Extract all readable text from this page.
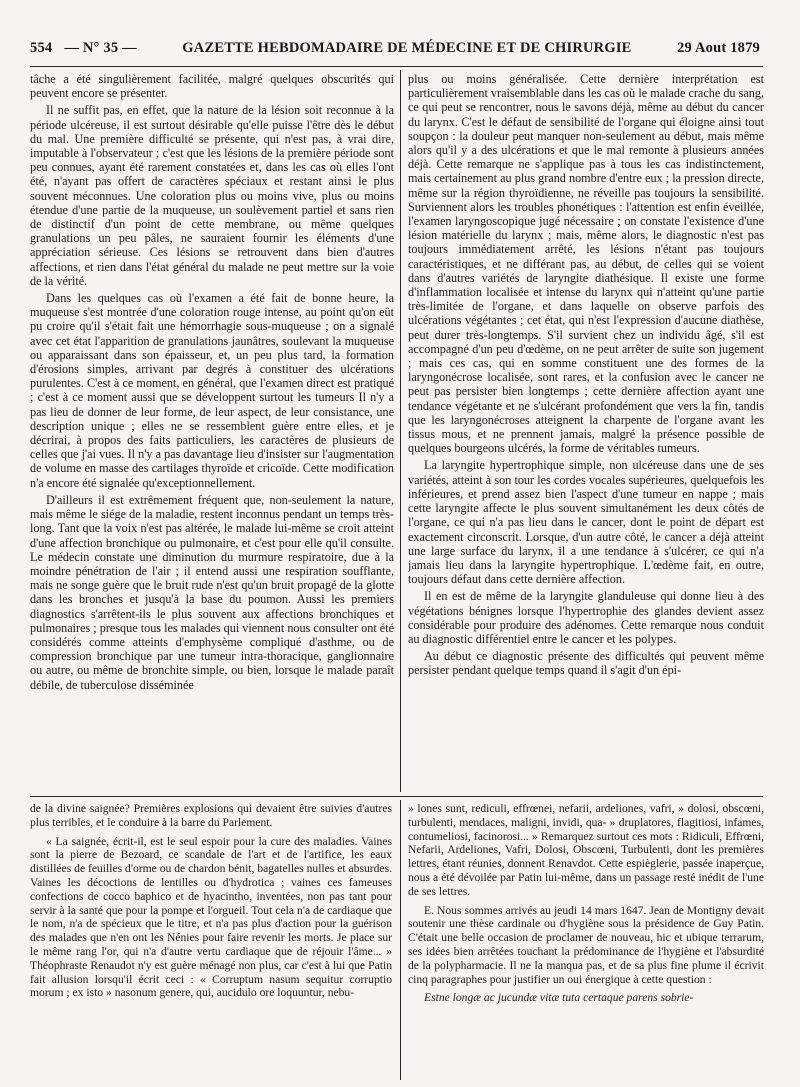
554 — N° 35 —	GAZETTE HEBDOMADAIRE DE MÉDECINE ET DE CHIRURGIE	29 Aout 1879

tâche a été singulièrement facilitée, malgré quelques obscurités qui peuvent encore se présenter.

Il ne suffit pas, en effet, que la nature de la lésion soit reconnue à la période ulcéreuse, il est surtout désirable qu'elle puisse l'être dès le début du mal. Une première difficulté se présente, qui n'est pas, à vrai dire, imputable à l'observateur ; c'est que les lésions de la première période sont peu connues, ayant été rarement constatées et, dans les cas où elles l'ont été, n'ayant pas offert de caractères spéciaux et restant ainsi le plus souvent méconnues. Une coloration plus ou moins vive, plus ou moins étendue d'une partie de la muqueuse, un soulèvement partiel et sans rien de distinctif d'un point de cette membrane, ou même quelques granulations un peu pâles, ne sauraient fournir les éléments d'une appréciation sérieuse. Ces lésions se retrouvent dans bien d'autres affections, et rien dans l'état général du malade ne peut mettre sur la voie de la vérité.

Dans les quelques cas où l'examen a été fait de bonne heure, la muqueuse s'est montrée d'une coloration rouge intense, au point qu'on eût pu croire qu'il s'était fait une hémorrhagie sous-muqueuse ; on a signalé avec cet état l'apparition de granulations jaunâtres, soulevant la muqueuse ou apparaissant dans son épaisseur, et, un peu plus tard, la formation d'érosions simples, arrivant par degrés à constituer des ulcérations purulentes. C'est à ce moment, en général, que l'examen direct est pratiqué ; c'est à ce moment aussi que se développent surtout les tumeurs Il n'y a pas lieu de donner de leur forme, de leur aspect, de leur consistance, une description unique ; elles ne se ressemblent guère entre elles, et je décrirai, à propos des faits particuliers, les caractères de plusieurs de celles que j'ai vues. Il n'y a pas davantage lieu d'insister sur l'augmentation de volume en masse des cartilages thyroïde et cricoïde. Cette modification n'a encore été signalée qu'exceptionnellement.

D'ailleurs il est extrêmement fréquent que, non-seulement la nature, mais même le siége de la maladie, restent inconnus pendant un temps très-long. Tant que la voix n'est pas altérée, le malade lui-même se croit atteint d'une affection bronchique ou pulmonaire, et c'est pour elle qu'il consulte. Le médecin constate une diminution du murmure respiratoire, due à la moindre pénétration de l'air ; il entend aussi une respiration soufflante, mais ne songe guère que le bruit rude n'est qu'un bruit propagé de la glotte dans les bronches et jusqu'à la base du poumon. Aussi les premiers diagnostics s'arrêtent-ils le plus souvent aux affections bronchiques et pulmonaires ; presque tous les malades qui viennent nous consulter ont été considérés comme atteints d'emphysème compliqué d'asthme, ou de compression bronchique par une tumeur intra-thoracique, ganglionnaire ou autre, ou même de bronchite simple, ou bien, lorsque le malade paraît débile, de tuberculose disséminée

plus ou moins généralisée. Cette dernière interprétation est particulièrement vraisemblable dans les cas où le malade crache du sang, ce qui peut se rencontrer, nous le savons déjà, même au début du cancer du larynx. C'est le défaut de sensibilité de l'organe qui éloigne ainsi tout soupçon : la douleur peut manquer non-seulement au début, mais même alors qu'il y a des ulcérations et que le mal remonte à plusieurs années déjà. Cette remarque ne s'applique pas à tous les cas indistinctement, mais certainement au plus grand nombre d'entre eux ; la pression directe, même sur la région thyroïdienne, ne réveille pas toujours la sensibilité. Surviennent alors les troubles phonétiques : l'attention est enfin éveillée, l'examen laryngoscopique jugé nécessaire ; on constate l'existence d'une lésion matérielle du larynx ; mais, même alors, le diagnostic n'est pas toujours immédiatement arrêté, les lésions n'étant pas toujours caractéristiques, et ne différant pas, au début, de celles qui se voient dans d'autres variétés de laryngite diathésique. Il existe une forme d'inflammation localisée et intense du larynx qui n'atteint qu'une partie très-limitée de l'organe, et dans laquelle on observe parfois des ulcérations végétantes ; cet état, qui n'est l'expression d'aucune diathèse, peut durer très-longtemps. S'il survient chez un individu âgé, s'il est accompagné d'un peu d'œdème, on ne peut arrêter de suite son jugement ; mais ces cas, qui en somme constituent une des formes de la laryngonécrose localisée, sont rares, et la confusion avec le cancer ne peut pas persister bien longtemps ; cette dernière affection ayant une tendance végétante et ne s'ulcérant profondément que vers la fin, tandis que les laryngonécroses atteignent la charpente de l'organe avant les tissus mous, et ne prennent jamais, malgré la présence possible de quelques bourgeons ulcérés, la forme de véritables tumeurs.

La laryngite hypertrophique simple, non ulcéreuse dans une de ses variétés, atteint à son tour les cordes vocales supérieures, quelquefois les inférieures, et prend assez bien l'aspect d'une tumeur en nappe ; mais cette laryngite affecte le plus souvent simultanément les deux côtés de l'organe, ce qui n'a pas lieu dans le cancer, dont le point de départ est exactement circonscrit. Lorsque, d'un autre côté, le cancer a déjà atteint une large surface du larynx, il a une tendance à s'ulcérer, ce qui n'a jamais lieu dans la laryngite hypertrophique. L'œdème fait, en outre, toujours défaut dans cette dernière affection.

Il en est de même de la laryngite glanduleuse qui donne lieu à des végétations bénignes lorsque l'hypertrophie des glandes devient assez considérable pour produire des adénomes. Cette remarque nous conduit au diagnostic différentiel entre le cancer et les polypes.

Au début ce diagnostic présente des difficultés qui peuvent même persister pendant quelque temps quand il s'agit d'un épi-

de la divine saignée? Premières explosions qui devaient être suivies d'autres plus terribles, et le conduire à la barre du Parlement.

« La saignée, écrit-il, est le seul espoir pour la cure des maladies. Vaines sont la pierre de Bezoard, ce scandale de l'art et de l'artifice, les eaux distillées de feuilles d'orme ou de chardon bénit, bagatelles nulles et absurdes. Vaines les décoctions de lentilles ou d'hydrotica ; vaines ces fameuses confections de cocco baphico et de hyacintho, inventées, non pas tant pour servir à la santé que pour la pompe et l'orgueil. Tout cela n'a de cardiaque que le nom, n'a de spécieux que le titre, et n'a pas plus d'action pour la guérison des malades que n'en ont les Nénies pour faire revenir les morts. Je place sur le même rang l'or, qui n'a d'autre vertu cardiaque que de réjouir l'âme... » Théophraste Renaudot n'y est guère ménagé non plus, car c'est à lui que Patin fait allusion lorsqu'il écrit ceci : « Corruptum nasum sequitur corruptio morum ; ex isto » nasonum genere, qui, aucidulo ore loquuntur, nebu-

» lones sunt, rediculi, effrœnei, nefarii, ardeliones, vafri, » dolosi, obscœni, turbulenti, mendaces, maligni, invidi, qua- » druplatores, flagitiosi, infames, contumeliosi, facinorosi... » Remarquez surtout ces mots : Ridiculi, Effrœni, Nefarii, Ardeliones, Vafri, Dolosi, Obscœni, Turbulenti, dont les premières lettres, étant réunies, donnent Renavdot. Cette espièglerie, passée inaperçue, nous a été dévoilée par Patin lui-même, dans un passage resté inédit de l'une de ses lettres.

E. Nous sommes arrivés au jeudi 14 mars 1647. Jean de Montigny devait soutenir une thèse cardinale ou d'hygiène sous la présidence de Guy Patin. C'était une belle occasion de proclamer de nouveau, hic et ubique terrarum, ses idées bien arrêtées touchant la prédominance de l'hygiène et l'absurdité de la polypharmacie. Il ne la manqua pas, et de sa plus fine plume il écrivit cinq paragraphes pour justifier un oui énergique à cette question :

Estne longæ ac jucundæ vitæ tuta certaque parens sobrie-
